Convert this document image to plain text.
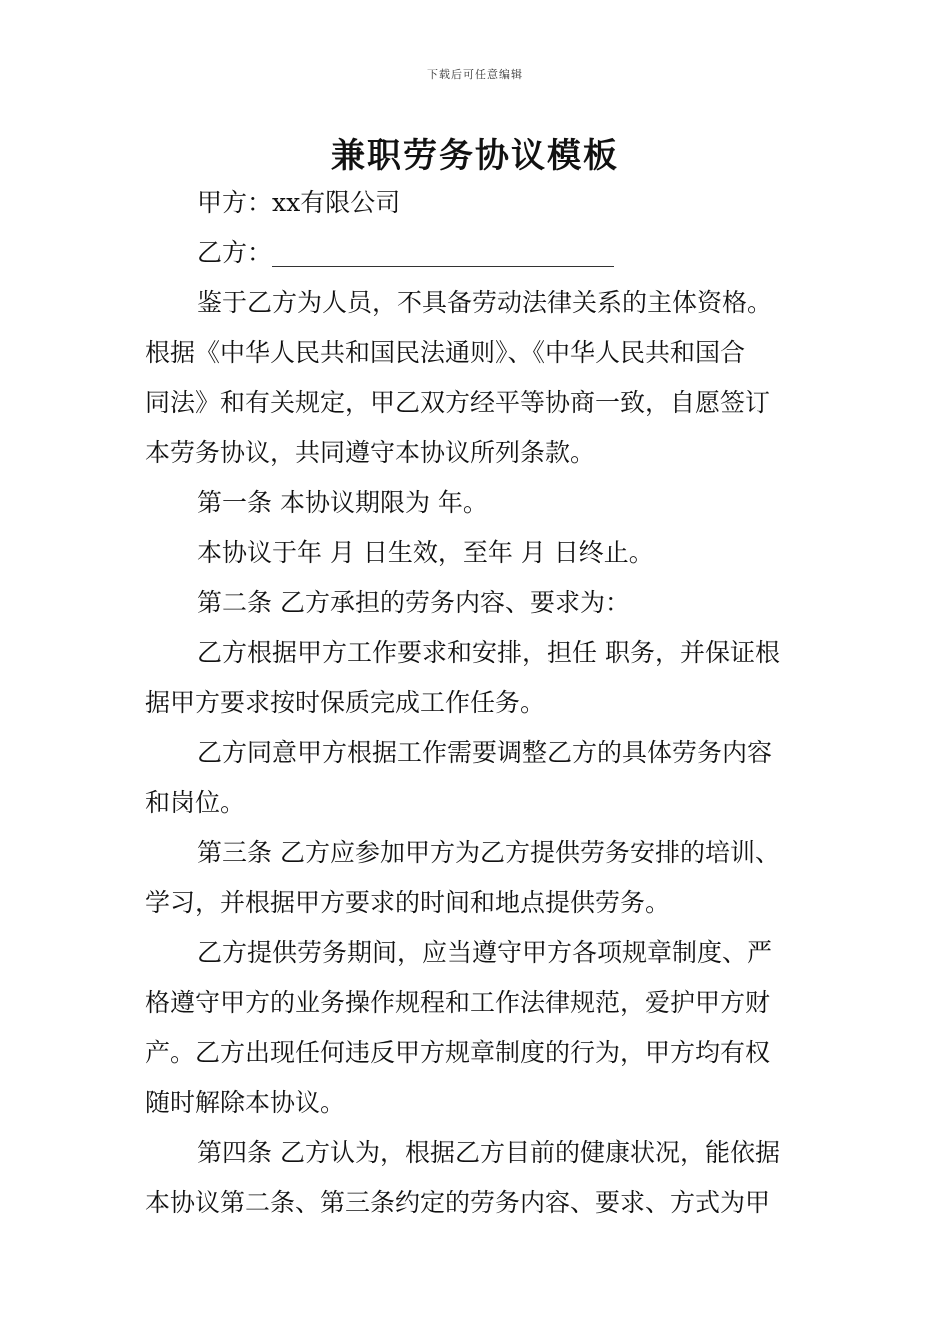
下载后可任意编辑
兼职劳务协议模板
甲方：xx有限公司
乙方：
鉴于乙方为人员，不具备劳动法律关系的主体资格。
根据《中华人民共和国民法通则》、《中华人民共和国合
同法》和有关规定，甲乙双方经平等协商一致，自愿签订
本劳务协议，共同遵守本协议所列条款。
第一条 本协议期限为 年。
本协议于年 月 日生效，至年 月 日终止。
第二条 乙方承担的劳务内容、要求为：
乙方根据甲方工作要求和安排，担任 职务，并保证根
据甲方要求按时保质完成工作任务。
乙方同意甲方根据工作需要调整乙方的具体劳务内容
和岗位。
第三条 乙方应参加甲方为乙方提供劳务安排的培训、
学习，并根据甲方要求的时间和地点提供劳务。
乙方提供劳务期间，应当遵守甲方各项规章制度、严
格遵守甲方的业务操作规程和工作法律规范，爱护甲方财
产。乙方出现任何违反甲方规章制度的行为，甲方均有权
随时解除本协议。
第四条 乙方认为，根据乙方目前的健康状况，能依据
本协议第二条、第三条约定的劳务内容、要求、方式为甲
